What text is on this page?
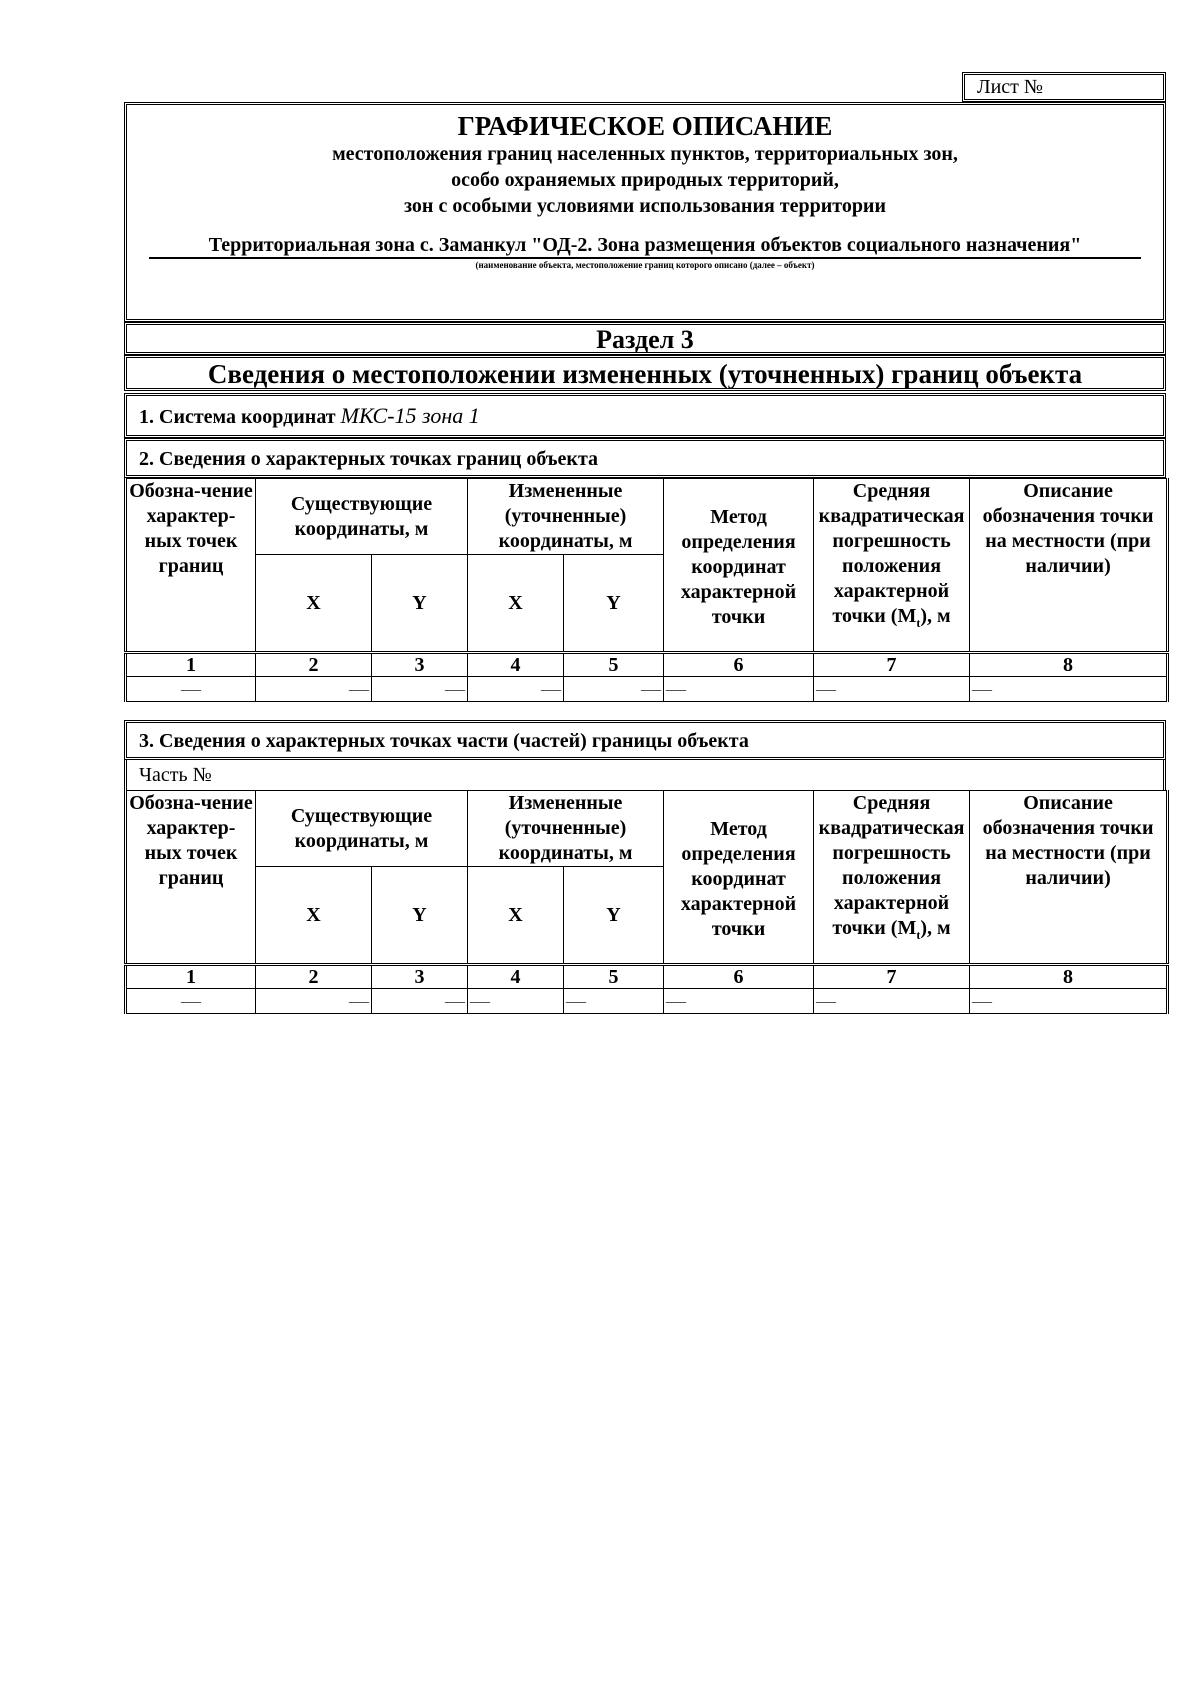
Лист №
ГРАФИЧЕСКОЕ ОПИСАНИЕ
местоположения границ населенных пунктов, территориальных зон,
особо охраняемых природных территорий,
зон с особыми условиями использования территории
Территориальная зона с. Заманкул "ОД-2. Зона размещения объектов социального назначения"
(наименование объекта, местоположение границ которого описано (далее – объект)
Раздел 3
Сведения о местоположении измененных (уточненных) границ объекта
1. Система координат МКС-15 зона 1
2. Сведения о характерных точках границ объекта
Обозна-чение характер-ных точек границ	Существующие координаты, м		Измененные (уточненные) координаты, м		Метод определения координат характерной точки	Средняя квадратическая погрешность положения характерной точки $(M_t)$, м	Описание обозначения точки на местности (при наличии)
	X	Y	X	Y			
1	2	3	4	5	6	7	8
—	—	—	—	—	—	—	—
3. Сведения о характерных точках части (частей) границы объекта
Часть №
Обозна-чение характер-ных точек границ	Существующие координаты, м		Измененные (уточненные) координаты, м		Метод определения координат характерной точки	Средняя квадратическая погрешность положения характерной точки $(M_t)$, м	Описание обозначения точки на местности (при наличии)
	X	Y	X	Y			
1	2	3	4	5	6	7	8
—	—	—	—	—	—	—	—
